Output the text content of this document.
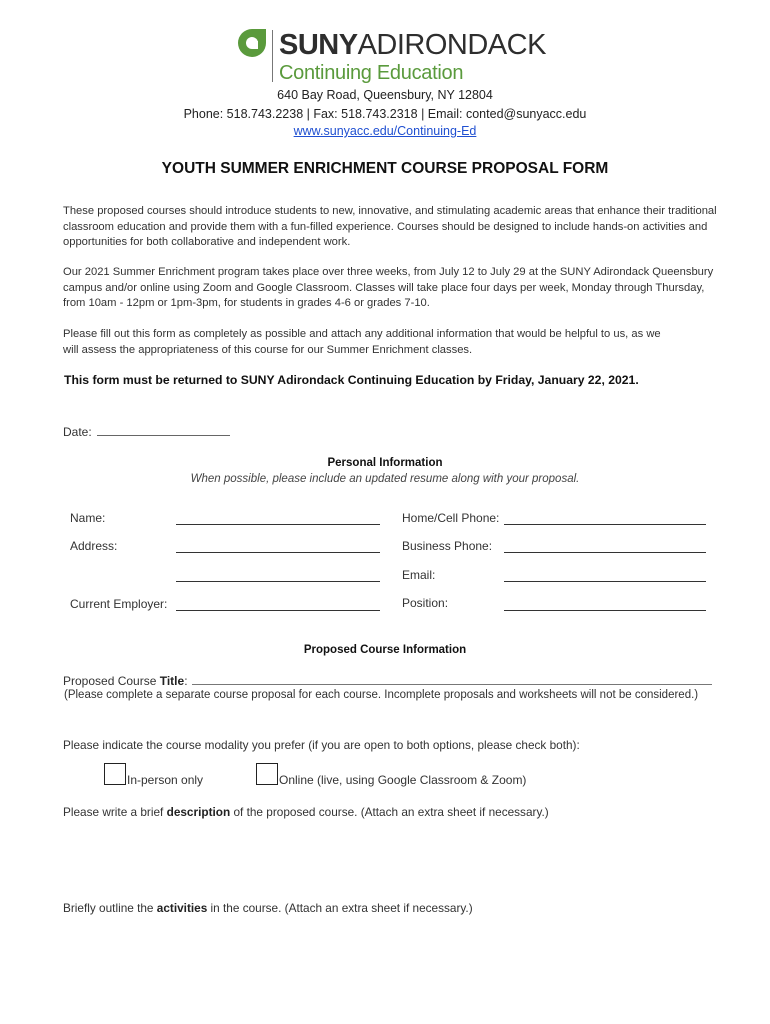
SUNYADIRONDACK
Continuing Education
640 Bay Road, Queensbury, NY 12804
Phone: 518.743.2238 | Fax: 518.743.2318 | Email: conted@sunyacc.edu
www.sunyacc.edu/Continuing-Ed
YOUTH SUMMER ENRICHMENT COURSE PROPOSAL FORM
These proposed courses should introduce students to new, innovative, and stimulating academic areas that enhance their traditional
classroom education and provide them with a fun-filled experience. Courses should be designed to include hands-on activities and
opportunities for both collaborative and independent work.
Our 2021 Summer Enrichment program takes place over three weeks, from July 12 to July 29 at the SUNY Adirondack Queensbury
campus and/or online using Zoom and Google Classroom. Classes will take place four days per week, Monday through Thursday,
from 10am - 12pm or 1pm-3pm, for students in grades 4-6 or grades 7-10.
Please fill out this form as completely as possible and attach any additional information that would be helpful to us, as we
will assess the appropriateness of this course for our Summer Enrichment classes.
This form must be returned to SUNY Adirondack Continuing Education by Friday, January 22, 2021.
Date:
Personal Information
When possible, please include an updated resume along with your proposal.
Name:
Address:
Current Employer:
Home/Cell Phone:
Business Phone:
Email:
Position:
Proposed Course Information
Proposed Course Title:
(Please complete a separate course proposal for each course. Incomplete proposals and worksheets will not be considered.)
Please indicate the course modality you prefer (if you are open to both options, please check both):
In-person only	Online (live, using Google Classroom & Zoom)
Please write a brief description of the proposed course. (Attach an extra sheet if necessary.)
Briefly outline the activities in the course. (Attach an extra sheet if necessary.)
